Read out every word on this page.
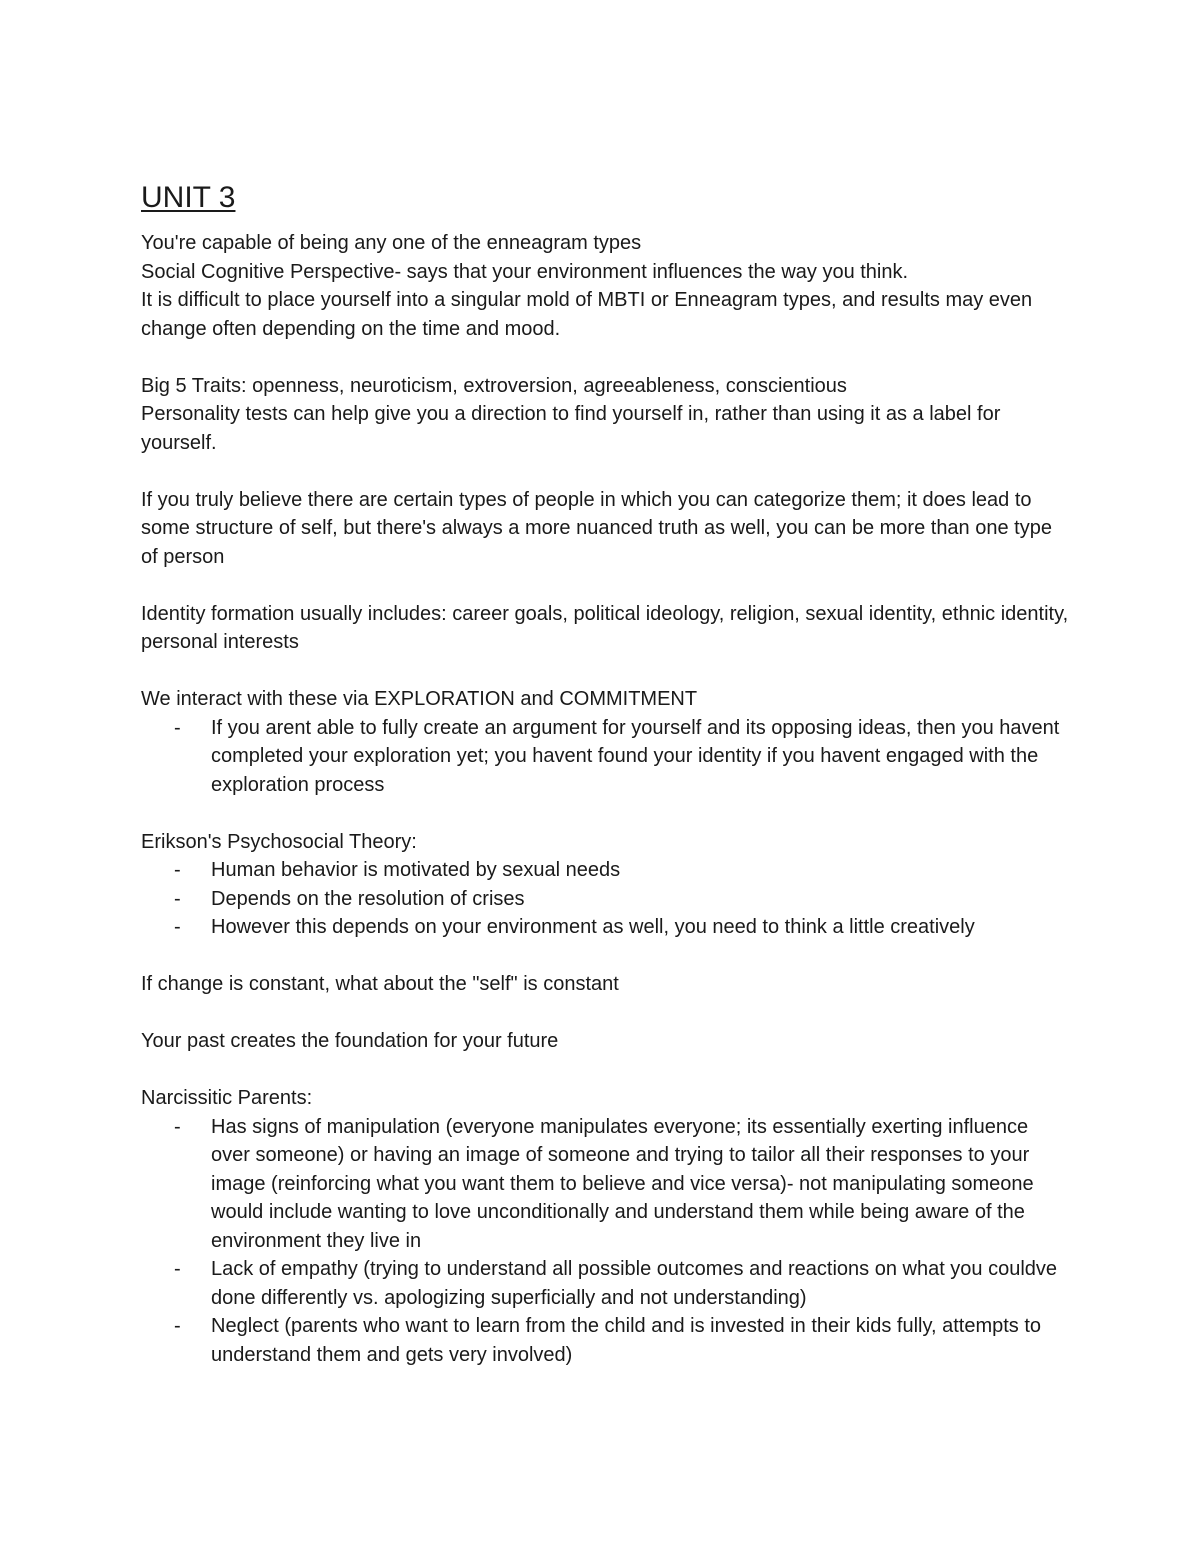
UNIT 3

You're capable of being any one of the enneagram types

Social Cognitive Perspective- says that your environment influences the way you think.

It is difficult to place yourself into a singular mold of MBTI or Enneagram types, and results may even change often depending on the time and mood.

Big 5 Traits: openness, neuroticism, extroversion, agreeableness, conscientious

Personality tests can help give you a direction to find yourself in, rather than using it as a label for yourself.

If you truly believe there are certain types of people in which you can categorize them; it does lead to some structure of self, but there's always a more nuanced truth as well, you can be more than one type of person

Identity formation usually includes: career goals, political ideology, religion, sexual identity, ethnic identity, personal interests

We interact with these via EXPLORATION and COMMITMENT

- If you arent able to fully create an argument for yourself and its opposing ideas, then you havent completed your exploration yet; you havent found your identity if you havent engaged with the exploration process

Erikson's Psychosocial Theory:

- Human behavior is motivated by sexual needs
- Depends on the resolution of crises
- However this depends on your environment as well, you need to think a little creatively

If change is constant, what about the "self" is constant

Your past creates the foundation for your future

Narcissitic Parents:

- Has signs of manipulation (everyone manipulates everyone; its essentially exerting influence over someone) or having an image of someone and trying to tailor all their responses to your image (reinforcing what you want them to believe and vice versa)- not manipulating someone would include wanting to love unconditionally and understand them while being aware of the environment they live in
- Lack of empathy (trying to understand all possible outcomes and reactions on what you couldve done differently vs. apologizing superficially and not understanding)
- Neglect (parents who want to learn from the child and is invested in their kids fully, attempts to understand them and gets very involved)
